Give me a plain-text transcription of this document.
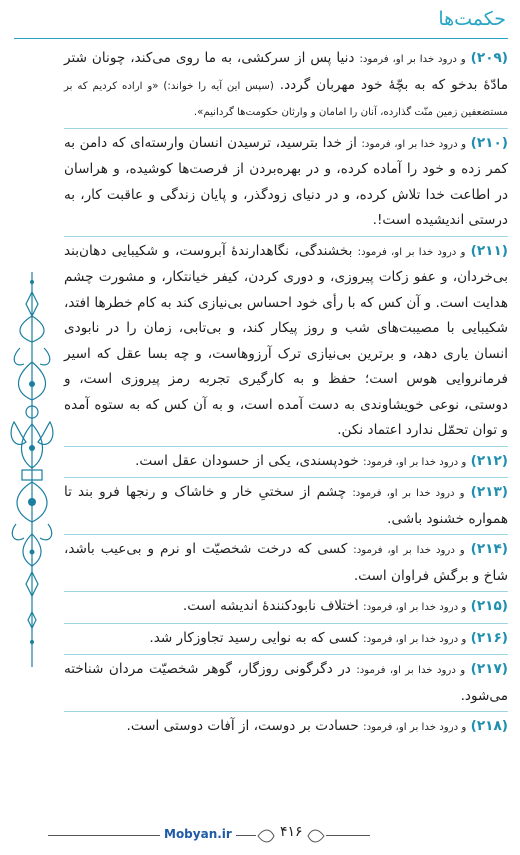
حکمت‌ها

(۲۰۹) و درود خدا بر او، فرمود: دنیا پس از سرکشی، به ما روی می‌کند، چونان شتر مادّهٔ بدخو که به بچّهٔ خود مهربان گردد. (سپس این آیه را خواند:) «و اراده کردیم که بر مستضعفین زمین منّت گذارده، آنان را امامان و وارثان حکومت‌ها گردانیم».

(۲۱۰) و درود خدا بر او، فرمود: از خدا بترسید، ترسیدن انسان وارسته‌ای که دامن به کمر زده و خود را آماده کرده، و در بهره‌بردن از فرصت‌ها کوشیده، و هراسان در اطاعت خدا تلاش کرده، و در دنیای زودگذر، و پایان زندگی و عاقبت کار، به درستی اندیشیده است!.

(۲۱۱) و درود خدا بر او، فرمود: بخشندگی، نگاهدارندهٔ آبروست، و شکیبایی دهان‌بند بی‌خردان، و عفو زکات پیروزی، و دوری کردن، کیفر خیانتکار، و مشورت چشم هدایت است. و آن کس که با رأی خود احساس بی‌نیازی کند به کام خطرها افتد، شکیبایی با مصیبت‌های شب و روز پیکار کند، و بی‌تابی، زمان را در نابودی انسان یاری دهد، و برترین بی‌نیازی ترک آرزوهاست، و چه بسا عقل که اسیر فرمانروایی هوس است؛ حفظ و به کارگیری تجربه رمز پیروزی است، و دوستی، نوعی خویشاوندی به دست آمده است، و به آن کس که به ستوه آمده و توان تحمّل ندارد اعتماد نکن.

(۲۱۲) و درود خدا بر او، فرمود: خودپسندی، یکی از حسودان عقل است.

(۲۱۳) و درود خدا بر او، فرمود: چشم از سختیِ خار و خاشاک و رنجها فرو بند تا همواره خشنود باشی.

(۲۱۴) و درود خدا بر او، فرمود: کسی که درخت شخصیّت او نرم و بی‌عیب باشد، شاخ و برگش فراوان است.

(۲۱۵) و درود خدا بر او، فرمود: اختلاف نابودکنندهٔ اندیشه است.

(۲۱۶) و درود خدا بر او، فرمود: کسی که به نوایی رسید تجاوزکار شد.

(۲۱۷) و درود خدا بر او، فرمود: در دگرگونی روزگار، گوهر شخصیّت مردان شناخته می‌شود.

(۲۱۸) و درود خدا بر او، فرمود: حسادت بر دوست، از آفات دوستی است.

Mobyan.ir	۴۱۶
